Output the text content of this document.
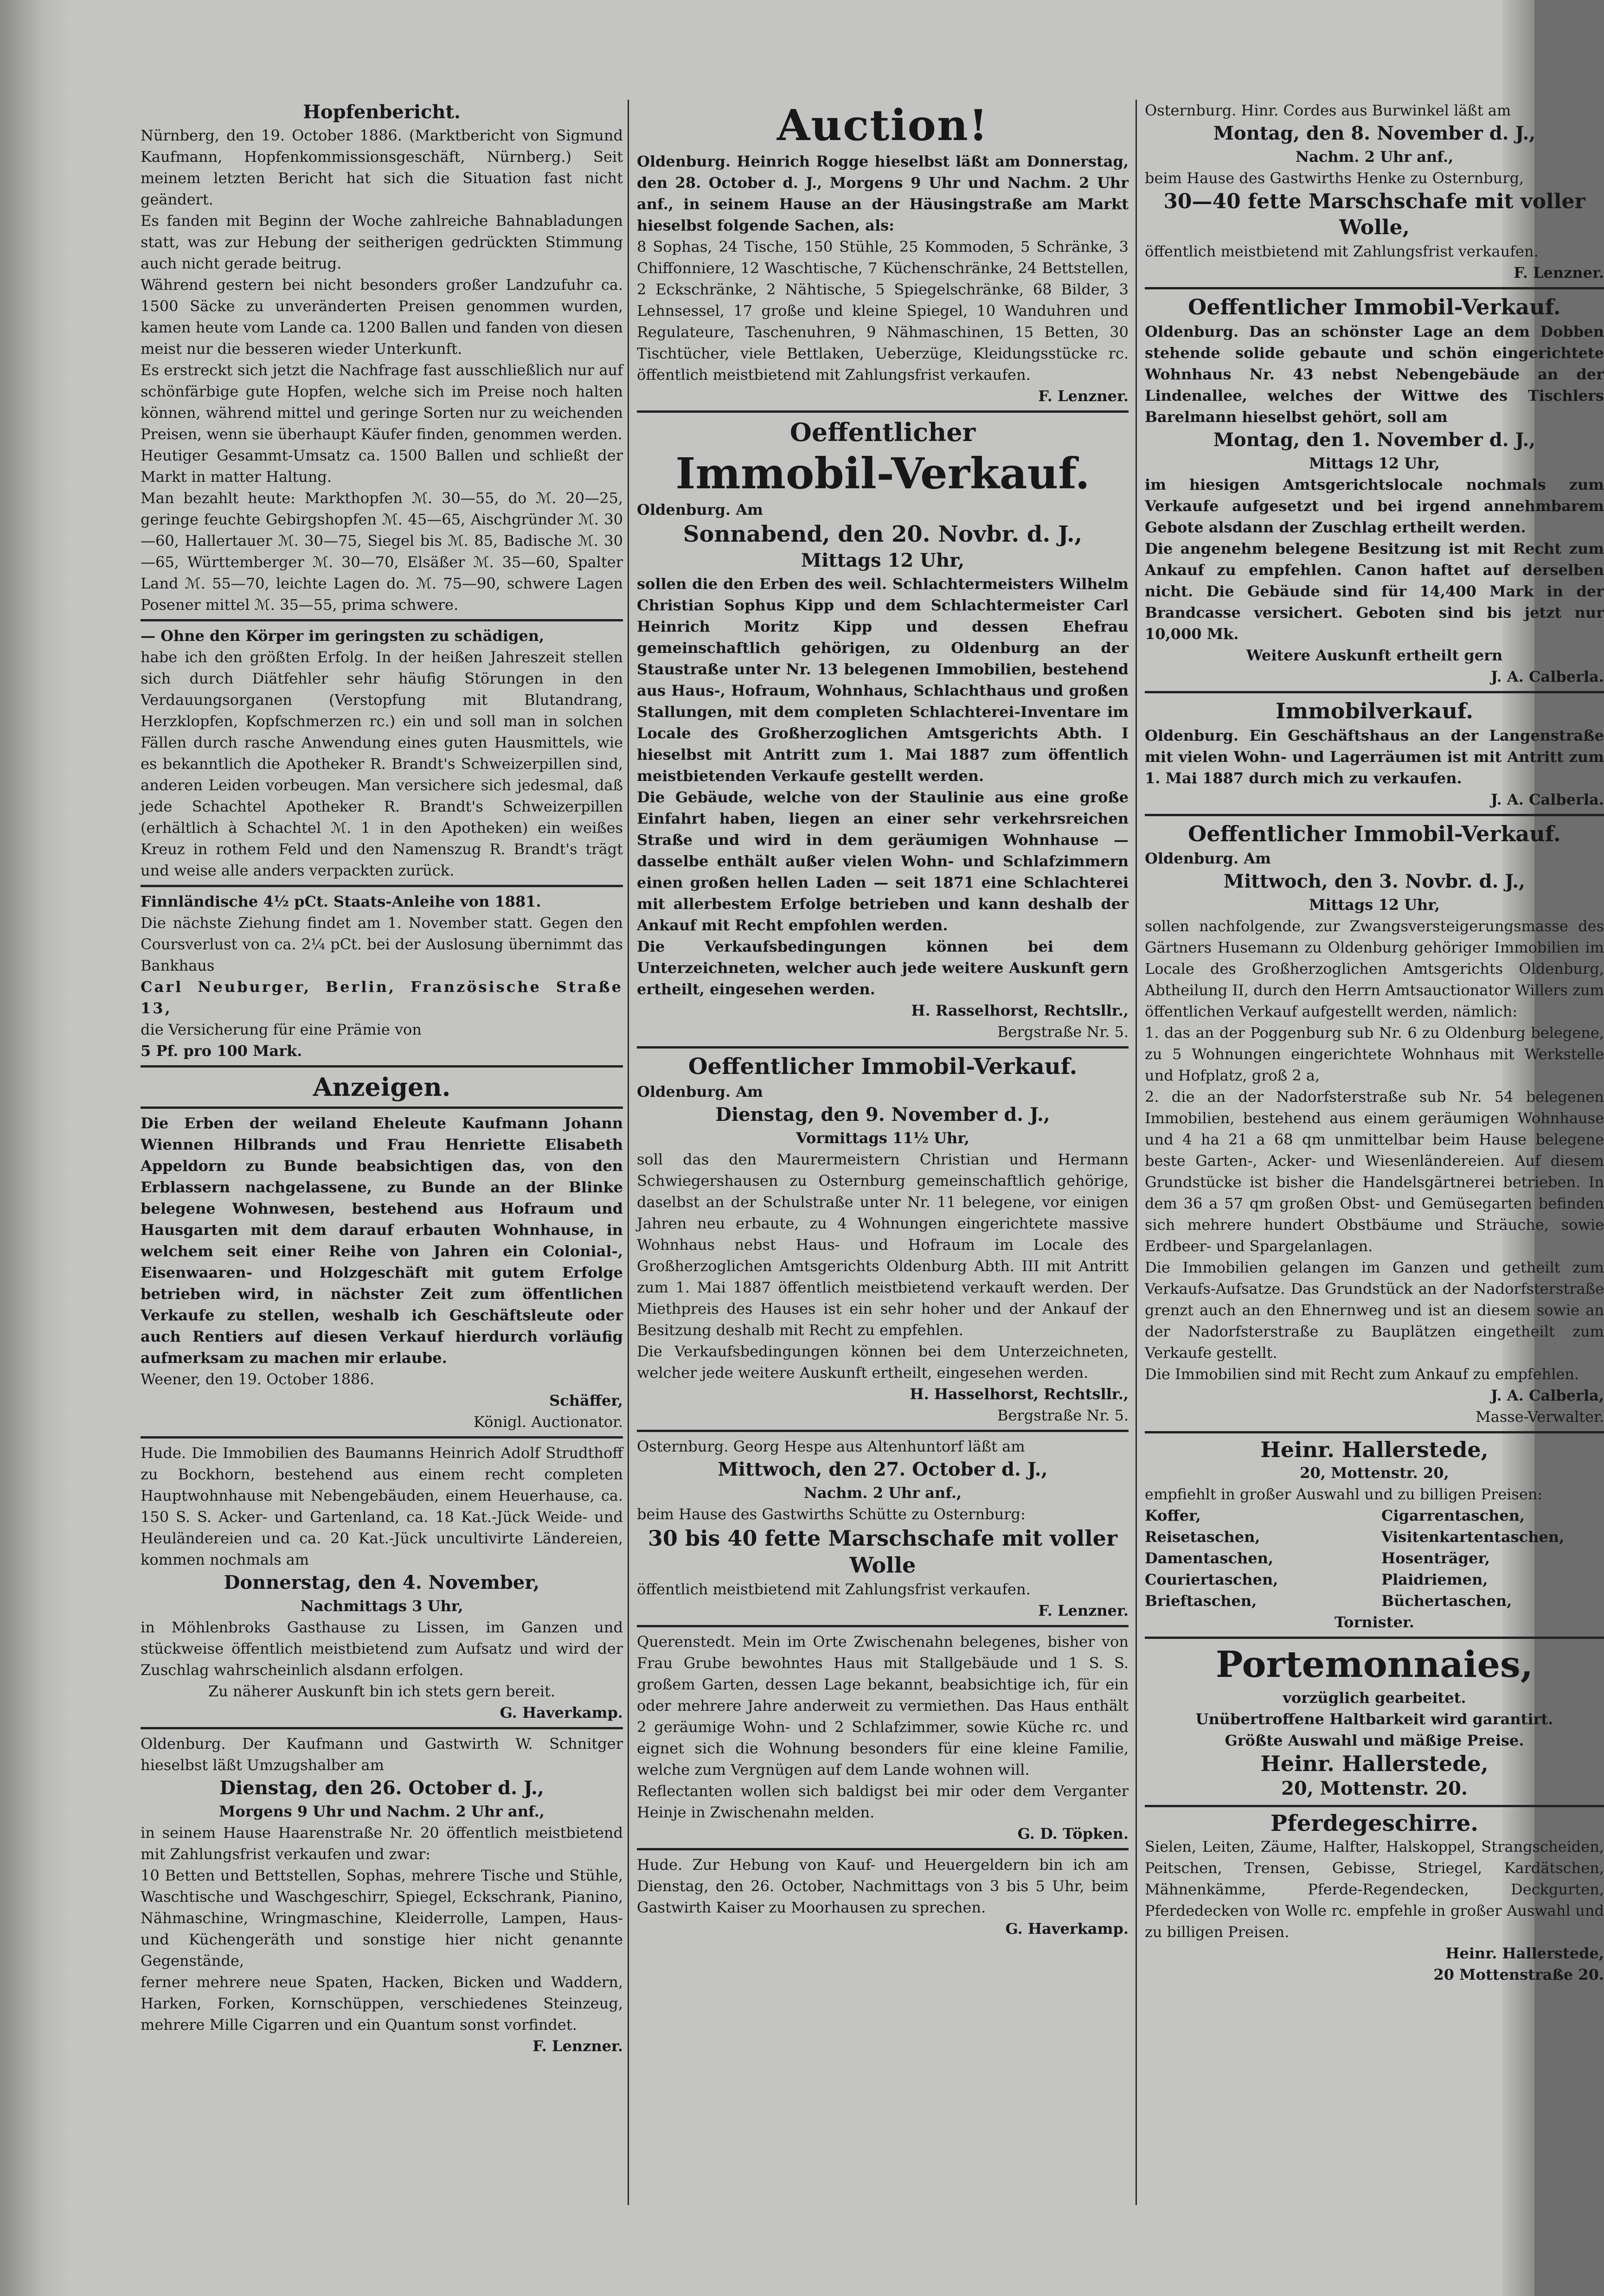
Hopfenbericht.

Nürnberg, den 19. October 1886. (Marktbericht von Sigmund Kaufmann, Hopfenkommissionsgeschäft, Nürnberg.) Seit meinem letzten Bericht hat sich die Situation fast nicht geändert.

Es fanden mit Beginn der Woche zahlreiche Bahnabladungen statt, was zur Hebung der seitherigen gedrückten Stimmung auch nicht gerade beitrug.

Während gestern bei nicht besonders großer Landzufuhr ca. 1500 Säcke zu unveränderten Preisen genommen wurden, kamen heute vom Lande ca. 1200 Ballen und fanden von diesen meist nur die besseren wieder Unterkunft.

Es erstreckt sich jetzt die Nachfrage fast ausschließlich nur auf schönfärbige gute Hopfen, welche sich im Preise noch halten können, während mittel und geringe Sorten nur zu weichenden Preisen, wenn sie überhaupt Käufer finden, genommen werden.

Heutiger Gesammt-Umsatz ca. 1500 Ballen und schließt der Markt in matter Haltung.

Man bezahlt heute: Markthopfen ℳ. 30—55, do ℳ. 20—25, geringe feuchte Gebirgshopfen ℳ. 45—65, Aischgründer ℳ. 30—60, Hallertauer ℳ. 30—75, Siegel bis ℳ. 85, Badische ℳ. 30—65, Württemberger ℳ. 30—70, Elsäßer ℳ. 35—60, Spalter Land ℳ. 55—70, leichte Lagen do. ℳ. 75—90, schwere Lagen Posener mittel ℳ. 35—55, prima schwere.

— Ohne den Körper im geringsten zu schädigen,

habe ich den größten Erfolg. In der heißen Jahreszeit stellen sich durch Diätfehler sehr häufig Störungen in den Verdauungsorganen (Verstopfung mit Blutandrang, Herzklopfen, Kopfschmerzen rc.) ein und soll man in solchen Fällen durch rasche Anwendung eines guten Hausmittels, wie es bekanntlich die Apotheker R. Brandt's Schweizerpillen sind, anderen Leiden vorbeugen. Man versichere sich jedesmal, daß jede Schachtel Apotheker R. Brandt's Schweizerpillen (erhältlich à Schachtel ℳ. 1 in den Apotheken) ein weißes Kreuz in rothem Feld und den Namenszug R. Brandt's trägt und weise alle anders verpackten zurück.

Finnländische 4½ pCt. Staats-Anleihe von 1881.

Die nächste Ziehung findet am 1. November statt. Gegen den Coursverlust von ca. 2¼ pCt. bei der Auslosung übernimmt das Bankhaus

Carl Neuburger, Berlin, Französische Straße 13,

die Versicherung für eine Prämie von

5 Pf. pro 100 Mark.

Anzeigen.

Die Erben der weiland Eheleute Kaufmann Johann Wiennen Hilbrands und Frau Henriette Elisabeth Appeldorn zu Bunde beabsichtigen das, von den Erblassern nachgelassene, zu Bunde an der Blinke belegene Wohnwesen, bestehend aus Hofraum und Hausgarten mit dem darauf erbauten Wohnhause, in welchem seit einer Reihe von Jahren ein Colonial-, Eisenwaaren- und Holzgeschäft mit gutem Erfolge betrieben wird, in nächster Zeit zum öffentlichen Verkaufe zu stellen, weshalb ich Geschäftsleute oder auch Rentiers auf diesen Verkauf hierdurch vorläufig aufmerksam zu machen mir erlaube.

Weener, den 19. October 1886.

Schäffer,

Königl. Auctionator.

Hude. Die Immobilien des Baumanns Heinrich Adolf Strudthoff zu Bockhorn, bestehend aus einem recht completen Hauptwohnhause mit Nebengebäuden, einem Heuerhause, ca. 150 S. S. Acker- und Gartenland, ca. 18 Kat.-Jück Weide- und Heuländereien und ca. 20 Kat.-Jück uncultivirte Ländereien, kommen nochmals am

Donnerstag, den 4. November,

Nachmittags 3 Uhr,

in Möhlenbroks Gasthause zu Lissen, im Ganzen und stückweise öffentlich meistbietend zum Aufsatz und wird der Zuschlag wahrscheinlich alsdann erfolgen.

Zu näherer Auskunft bin ich stets gern bereit.

G. Haverkamp.

Oldenburg. Der Kaufmann und Gastwirth W. Schnitger hieselbst läßt Umzugshalber am

Dienstag, den 26. October d. J.,

Morgens 9 Uhr und Nachm. 2 Uhr anf.,

in seinem Hause Haarenstraße Nr. 20 öffentlich meistbietend mit Zahlungsfrist verkaufen und zwar:

10 Betten und Bettstellen, Sophas, mehrere Tische und Stühle, Waschtische und Waschgeschirr, Spiegel, Eckschrank, Pianino, Nähmaschine, Wringmaschine, Kleiderrolle, Lampen, Haus- und Küchengeräth und sonstige hier nicht genannte Gegenstände,

ferner mehrere neue Spaten, Hacken, Bicken und Waddern, Harken, Forken, Kornschüppen, verschiedenes Steinzeug, mehrere Mille Cigarren und ein Quantum sonst vorfindet.

F. Lenzner.

Auction!

Oldenburg. Heinrich Rogge hieselbst läßt am Donnerstag, den 28. October d. J., Morgens 9 Uhr und Nachm. 2 Uhr anf., in seinem Hause an der Häusingstraße am Markt hieselbst folgende Sachen, als:

8 Sophas, 24 Tische, 150 Stühle, 25 Kommoden, 5 Schränke, 3 Chiffonniere, 12 Waschtische, 7 Küchenschränke, 24 Bettstellen, 2 Eckschränke, 2 Nähtische, 5 Spiegelschränke, 68 Bilder, 3 Lehnsessel, 17 große und kleine Spiegel, 10 Wanduhren und Regulateure, Taschenuhren, 9 Nähmaschinen, 15 Betten, 30 Tischtücher, viele Bettlaken, Ueberzüge, Kleidungsstücke rc. öffentlich meistbietend mit Zahlungsfrist verkaufen.

F. Lenzner.

Oeffentlicher

Immobil-Verkauf.

Oldenburg. Am

Sonnabend, den 20. Novbr. d. J.,

Mittags 12 Uhr,

sollen die den Erben des weil. Schlachtermeisters Wilhelm Christian Sophus Kipp und dem Schlachtermeister Carl Heinrich Moritz Kipp und dessen Ehefrau gemeinschaftlich gehörigen, zu Oldenburg an der Staustraße unter Nr. 13 belegenen Immobilien, bestehend aus Haus-, Hofraum, Wohnhaus, Schlachthaus und großen Stallungen, mit dem completen Schlachterei-Inventare im Locale des Großherzoglichen Amtsgerichts Abth. I hieselbst mit Antritt zum 1. Mai 1887 zum öffentlich meistbietenden Verkaufe gestellt werden.

Die Gebäude, welche von der Staulinie aus eine große Einfahrt haben, liegen an einer sehr verkehrsreichen Straße und wird in dem geräumigen Wohnhause — dasselbe enthält außer vielen Wohn- und Schlafzimmern einen großen hellen Laden — seit 1871 eine Schlachterei mit allerbestem Erfolge betrieben und kann deshalb der Ankauf mit Recht empfohlen werden.

Die Verkaufsbedingungen können bei dem Unterzeichneten, welcher auch jede weitere Auskunft gern ertheilt, eingesehen werden.

H. Rasselhorst, Rechtsllr.,

Bergstraße Nr. 5.

Oeffentlicher Immobil-Verkauf.

Oldenburg. Am

Dienstag, den 9. November d. J.,

Vormittags 11½ Uhr,

soll das den Maurermeistern Christian und Hermann Schwiegershausen zu Osternburg gemeinschaftlich gehörige, daselbst an der Schulstraße unter Nr. 11 belegene, vor einigen Jahren neu erbaute, zu 4 Wohnungen eingerichtete massive Wohnhaus nebst Haus- und Hofraum im Locale des Großherzoglichen Amtsgerichts Oldenburg Abth. III mit Antritt zum 1. Mai 1887 öffentlich meistbietend verkauft werden. Der Miethpreis des Hauses ist ein sehr hoher und der Ankauf der Besitzung deshalb mit Recht zu empfehlen.

Die Verkaufsbedingungen können bei dem Unterzeichneten, welcher jede weitere Auskunft ertheilt, eingesehen werden.

H. Hasselhorst, Rechtsllr.,

Bergstraße Nr. 5.

Osternburg. Georg Hespe aus Altenhuntorf läßt am

Mittwoch, den 27. October d. J.,

Nachm. 2 Uhr anf.,

beim Hause des Gastwirths Schütte zu Osternburg:

30 bis 40 fette Marschschafe mit voller Wolle

öffentlich meistbietend mit Zahlungsfrist verkaufen.

F. Lenzner.

Querenstedt. Mein im Orte Zwischenahn belegenes, bisher von Frau Grube bewohntes Haus mit Stallgebäude und 1 S. S. großem Garten, dessen Lage bekannt, beabsichtige ich, für ein oder mehrere Jahre anderweit zu vermiethen. Das Haus enthält 2 geräumige Wohn- und 2 Schlafzimmer, sowie Küche rc. und eignet sich die Wohnung besonders für eine kleine Familie, welche zum Vergnügen auf dem Lande wohnen will.

Reflectanten wollen sich baldigst bei mir oder dem Verganter Heinje in Zwischenahn melden.

G. D. Töpken.

Hude. Zur Hebung von Kauf- und Heuergeldern bin ich am Dienstag, den 26. October, Nachmittags von 3 bis 5 Uhr, beim Gastwirth Kaiser zu Moorhausen zu sprechen.

G. Haverkamp.

Osternburg. Hinr. Cordes aus Burwinkel läßt am

Montag, den 8. November d. J.,

Nachm. 2 Uhr anf.,

beim Hause des Gastwirths Henke zu Osternburg,

30—40 fette Marschschafe mit voller Wolle,

öffentlich meistbietend mit Zahlungsfrist verkaufen.

F. Lenzner.

Oeffentlicher Immobil-Verkauf.

Oldenburg. Das an schönster Lage an dem Dobben stehende solide gebaute und schön eingerichtete Wohnhaus Nr. 43 nebst Nebengebäude an der Lindenallee, welches der Wittwe des Tischlers Barelmann hieselbst gehört, soll am

Montag, den 1. November d. J.,

Mittags 12 Uhr,

im hiesigen Amtsgerichtslocale nochmals zum Verkaufe aufgesetzt und bei irgend annehmbarem Gebote alsdann der Zuschlag ertheilt werden.

Die angenehm belegene Besitzung ist mit Recht zum Ankauf zu empfehlen. Canon haftet auf derselben nicht. Die Gebäude sind für 14,400 Mark in der Brandcasse versichert. Geboten sind bis jetzt nur 10,000 Mk.

Weitere Auskunft ertheilt gern

J. A. Calberla.

Immobilverkauf.

Oldenburg. Ein Geschäftshaus an der Langenstraße mit vielen Wohn- und Lagerräumen ist mit Antritt zum 1. Mai 1887 durch mich zu verkaufen.

J. A. Calberla.

Oeffentlicher Immobil-Verkauf.

Oldenburg. Am

Mittwoch, den 3. Novbr. d. J.,

Mittags 12 Uhr,

sollen nachfolgende, zur Zwangsversteigerungsmasse des Gärtners Husemann zu Oldenburg gehöriger Immobilien im Locale des Großherzoglichen Amtsgerichts Oldenburg, Abtheilung II, durch den Herrn Amtsauctionator Willers zum öffentlichen Verkauf aufgestellt werden, nämlich:

1. das an der Poggenburg sub Nr. 6 zu Oldenburg belegene, zu 5 Wohnungen eingerichtete Wohnhaus mit Werkstelle und Hofplatz, groß 2 a,

2. die an der Nadorfsterstraße sub Nr. 54 belegenen Immobilien, bestehend aus einem geräumigen Wohnhause und 4 ha 21 a 68 qm unmittelbar beim Hause belegene beste Garten-, Acker- und Wiesenländereien. Auf diesem Grundstücke ist bisher die Handelsgärtnerei betrieben. In dem 36 a 57 qm großen Obst- und Gemüsegarten befinden sich mehrere hundert Obstbäume und Sträuche, sowie Erdbeer- und Spargelanlagen.

Die Immobilien gelangen im Ganzen und getheilt zum Verkaufs-Aufsatze. Das Grundstück an der Nadorfsterstraße grenzt auch an den Ehnernweg und ist an diesem sowie an der Nadorfsterstraße zu Bauplätzen eingetheilt zum Verkaufe gestellt.

Die Immobilien sind mit Recht zum Ankauf zu empfehlen.

J. A. Calberla,

Masse-Verwalter.

Heinr. Hallerstede,

20, Mottenstr. 20,

empfiehlt in großer Auswahl und zu billigen Preisen:

Koffer,
Reisetaschen,
Damentaschen,
Couriertaschen,
Brieftaschen,
Cigarrentaschen,
Visitenkartentaschen,
Hosenträger,
Plaidriemen,
Büchertaschen,

Tornister.

Portemonnaies,

vorzüglich gearbeitet.

Unübertroffene Haltbarkeit wird garantirt.

Größte Auswahl und mäßige Preise.

Heinr. Hallerstede,

20, Mottenstr. 20.

Pferdegeschirre.

Sielen, Leiten, Zäume, Halfter, Halskoppel, Strangscheiden, Peitschen, Trensen, Gebisse, Striegel, Kardätschen, Mähnenkämme, Pferde-Regendecken, Deckgurten, Pferdedecken von Wolle rc. empfehle in großer Auswahl und zu billigen Preisen.

Heinr. Hallerstede,

20 Mottenstraße 20.
